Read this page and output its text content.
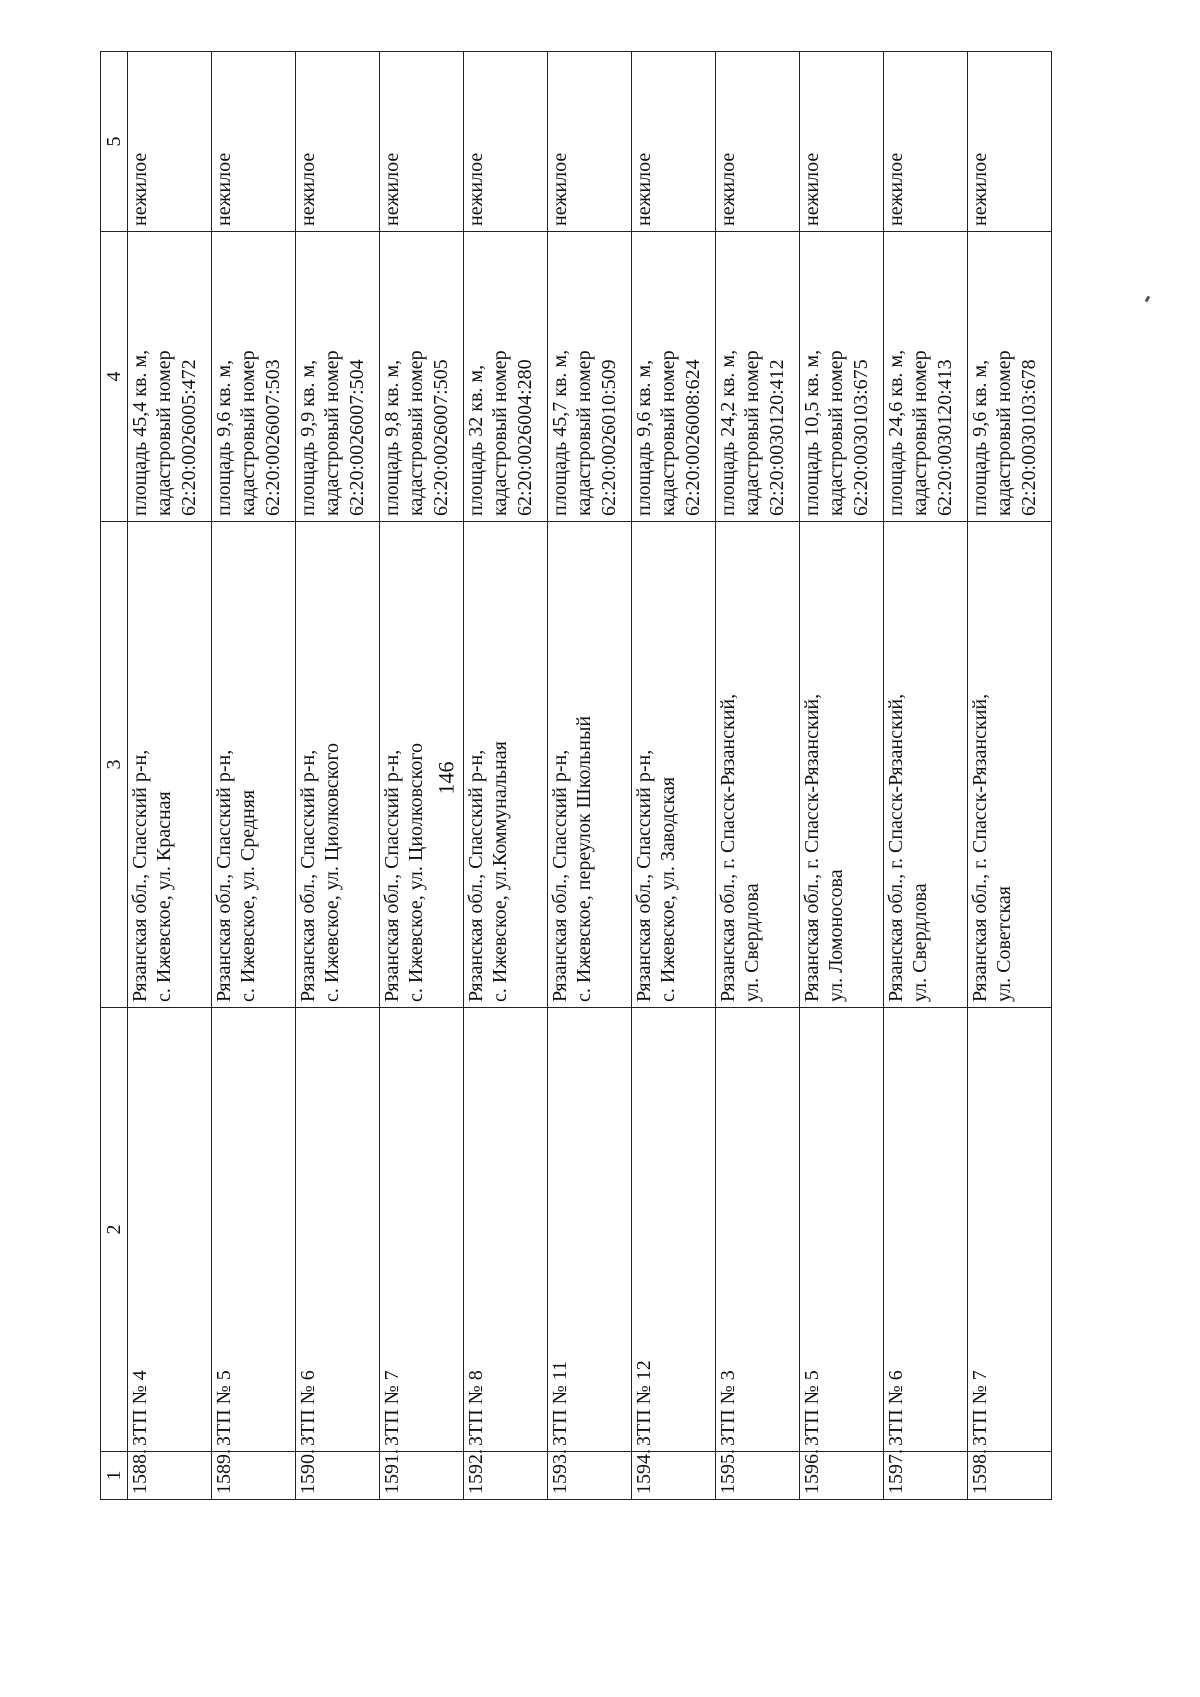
146
1	2	3	4	5
1588.	ЗТП № 4	Рязанская обл., Спасский р-н,
с. Ижевское, ул. Красная	площадь 45,4 кв. м,
кадастровый номер
62:20:0026005:472	нежилое
1589.	ЗТП № 5	Рязанская обл., Спасский р-н,
с. Ижевское, ул. Средняя	площадь 9,6 кв. м,
кадастровый номер
62:20:0026007:503	нежилое
1590.	ЗТП № 6	Рязанская обл., Спасский р-н,
с. Ижевское, ул. Циолковского	площадь 9,9 кв. м,
кадастровый номер
62:20:0026007:504	нежилое
1591.	ЗТП № 7	Рязанская обл., Спасский р-н,
с. Ижевское, ул. Циолковского	площадь 9,8 кв. м,
кадастровый номер
62:20:0026007:505	нежилое
1592.	ЗТП № 8	Рязанская обл., Спасский р-н,
с. Ижевское, ул.Коммунальная	площадь 32 кв. м,
кадастровый номер
62:20:0026004:280	нежилое
1593.	ЗТП № 11	Рязанская обл., Спасский р-н,
с. Ижевское, переулок Школьный	площадь 45,7 кв. м,
кадастровый номер
62:20:0026010:509	нежилое
1594.	ЗТП № 12	Рязанская обл., Спасский р-н,
с. Ижевское, ул. Заводская	площадь 9,6 кв. м,
кадастровый номер
62:20:0026008:624	нежилое
1595.	ЗТП № 3	Рязанская обл., г. Спасск-Рязанский,
ул. Свердлова	площадь 24,2 кв. м,
кадастровый номер
62:20:0030120:412	нежилое
1596.	ЗТП № 5	Рязанская обл., г. Спасск-Рязанский,
ул. Ломоносова	площадь 10,5 кв. м,
кадастровый номер
62:20:0030103:675	нежилое
1597.	ЗТП № 6	Рязанская обл., г. Спасск-Рязанский,
ул. Свердлова	площадь 24,6 кв. м,
кадастровый номер
62:20:0030120:413	нежилое
1598.	ЗТП № 7	Рязанская обл., г. Спасск-Рязанский,
ул. Советская	площадь 9,6 кв. м,
кадастровый номер
62:20:0030103:678	нежилое
